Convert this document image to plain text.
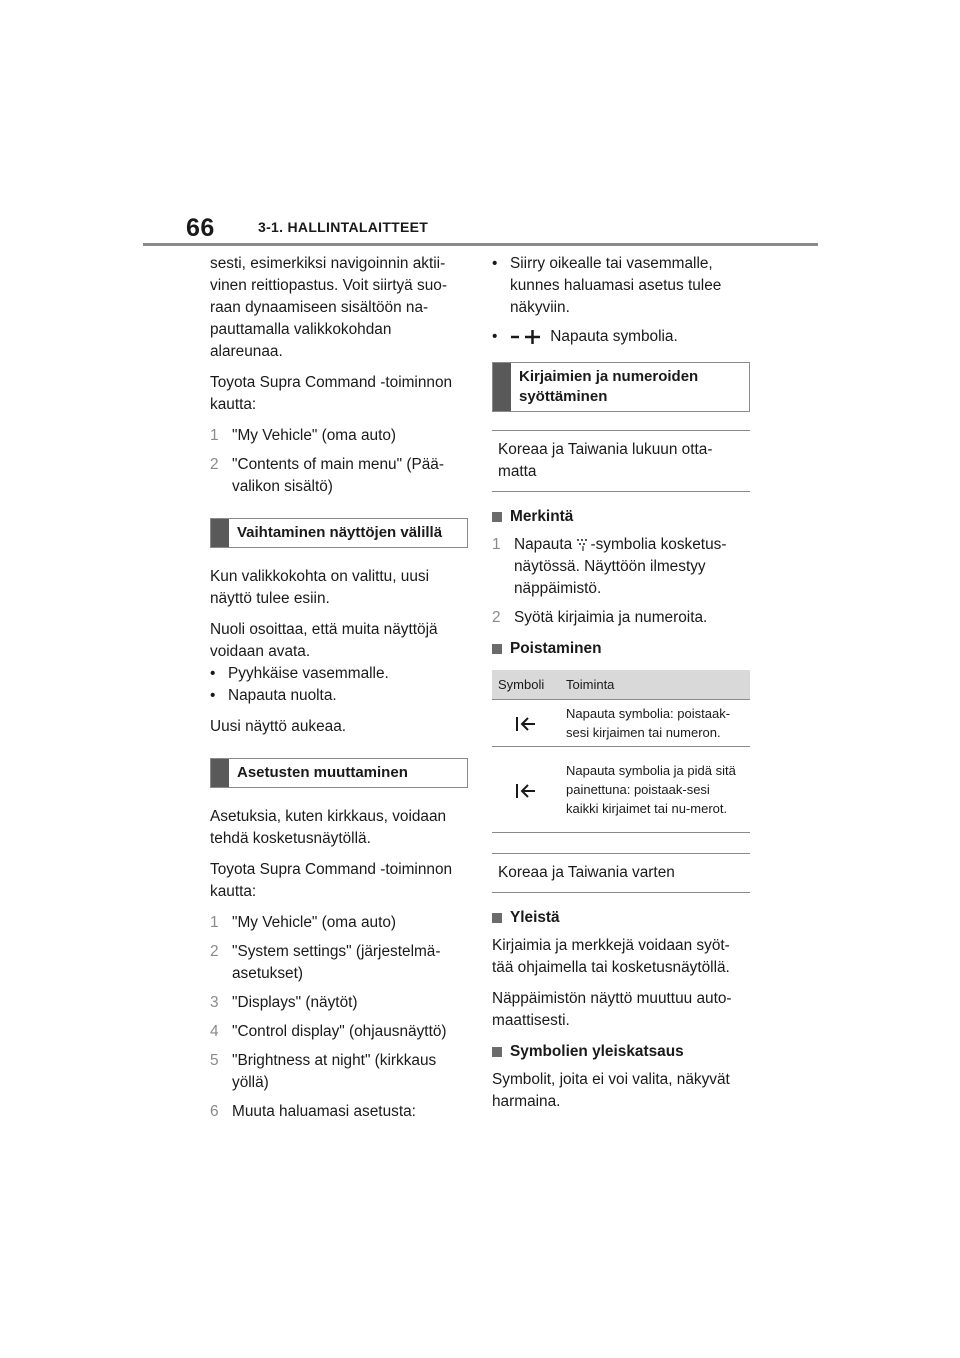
66	3-1. HALLINTALAITTEET

sesti, esimerkiksi navigoinnin aktii-vinen reittiopastus. Voit siirtyä suo-raan dynaamiseen sisältöön na-pauttamalla valikkokohdan alareunaa.

Toyota Supra Command -toiminnon kautta:

1 "My Vehicle" (oma auto)
2 "Contents of main menu" (Pää-valikon sisältö)
Vaihtaminen näyttöjen välillä

Kun valikkokohta on valittu, uusi näyttö tulee esiin.

Nuoli osoittaa, että muita näyttöjä voidaan avata.

• Pyyhkäise vasemmalle.
• Napauta nuolta.

Uusi näyttö aukeaa.

Asetusten muuttaminen

Asetuksia, kuten kirkkaus, voidaan tehdä kosketusnäytöllä.

Toyota Supra Command -toiminnon kautta:

1 "My Vehicle" (oma auto)
2 "System settings" (järjestelmä-asetukset)
3 "Displays" (näytöt)
4 "Control display" (ohjausnäyttö)
5 "Brightness at night" (kirkkaus yöllä)
6 Muuta haluamasi asetusta:
• Siirry oikealle tai vasemmalle, kunnes haluamasi asetus tulee näkyviin.
•	Napauta symbolia.
Kirjaimien ja numeroiden syöttäminen
Koreaa ja Taiwania lukuun otta-matta
Merkintä
1 Napauta -symbolia kosketus-näytössä. Näyttöön ilmestyy näppäimistö.
2 Syötä kirjaimia ja numeroita.
Poistaminen
Symboli	Toiminta
	Napauta symbolia: poistaak-sesi kirjaimen tai numeron.
	Napauta symbolia ja pidä sitä painettuna: poistaak-sesi kaikki kirjaimet tai nu-merot.
Koreaa ja Taiwania varten
Yleistä

Kirjaimia ja merkkejä voidaan syöt-tää ohjaimella tai kosketusnäytöllä.

Näppäimistön näyttö muuttuu auto-maattisesti.

Symbolien yleiskatsaus

Symbolit, joita ei voi valita, näkyvät harmaina.
